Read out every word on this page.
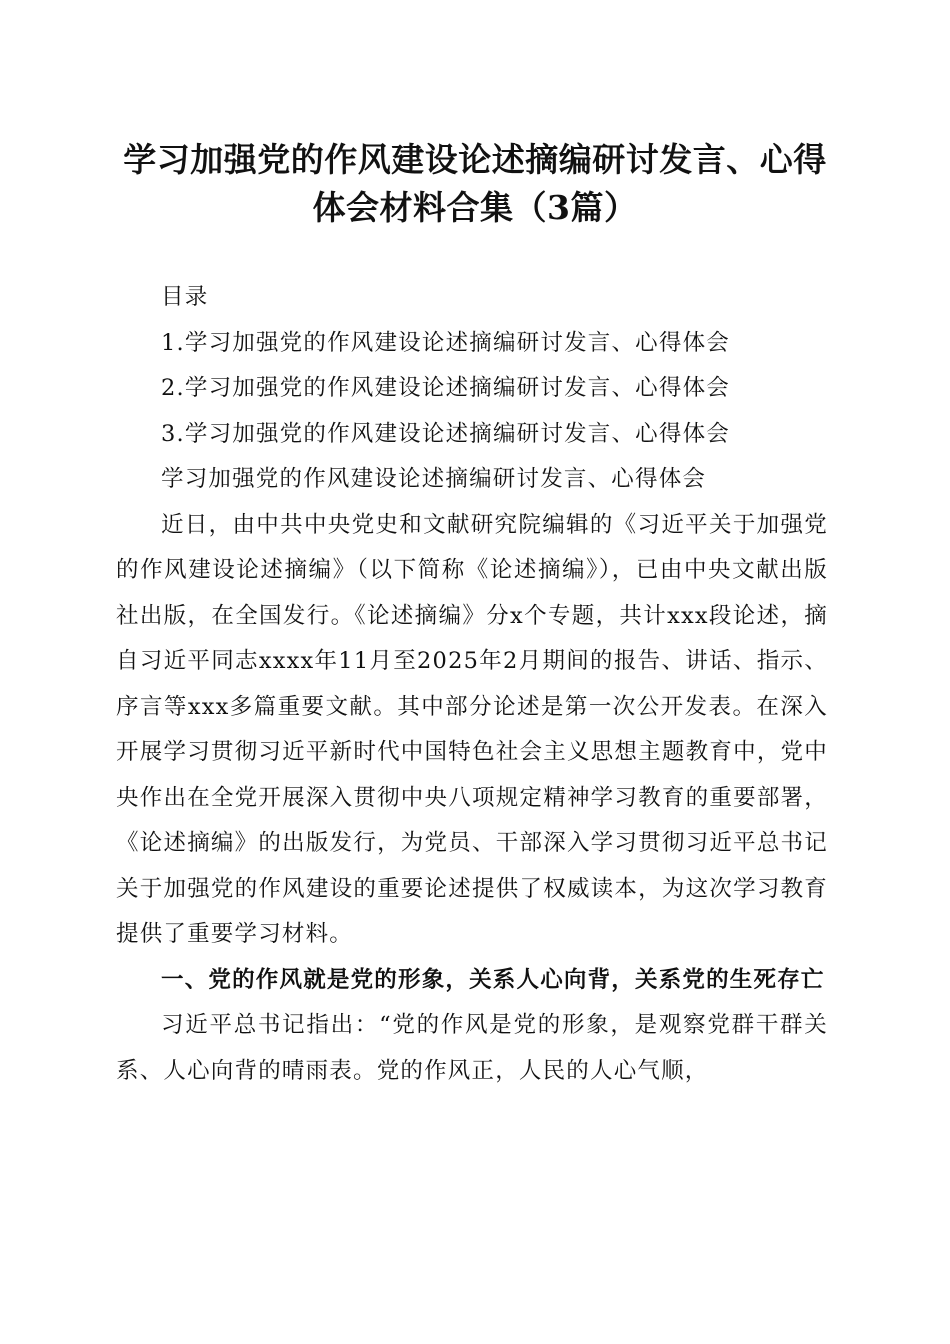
学习加强党的作风建设论述摘编研讨发言、心得体会材料合集（3篇）

目录

1.学习加强党的作风建设论述摘编研讨发言、心得体会

2.学习加强党的作风建设论述摘编研讨发言、心得体会

3.学习加强党的作风建设论述摘编研讨发言、心得体会

学习加强党的作风建设论述摘编研讨发言、心得体会

近日，由中共中央党史和文献研究院编辑的《习近平关于加强党的作风建设论述摘编》（以下简称《论述摘编》），已由中央文献出版社出版，在全国发行。《论述摘编》分x个专题，共计xxx段论述，摘自习近平同志xxxx年11月至2025年2月期间的报告、讲话、指示、序言等xxx多篇重要文献。其中部分论述是第一次公开发表。在深入开展学习贯彻习近平新时代中国特色社会主义思想主题教育中，党中央作出在全党开展深入贯彻中央八项规定精神学习教育的重要部署，《论述摘编》的出版发行，为党员、干部深入学习贯彻习近平总书记关于加强党的作风建设的重要论述提供了权威读本，为这次学习教育提供了重要学习材料。

一、党的作风就是党的形象，关系人心向背，关系党的生死存亡

习近平总书记指出：“党的作风是党的形象，是观察党群干群关系、人心向背的晴雨表。党的作风正，人民的人心气顺，
